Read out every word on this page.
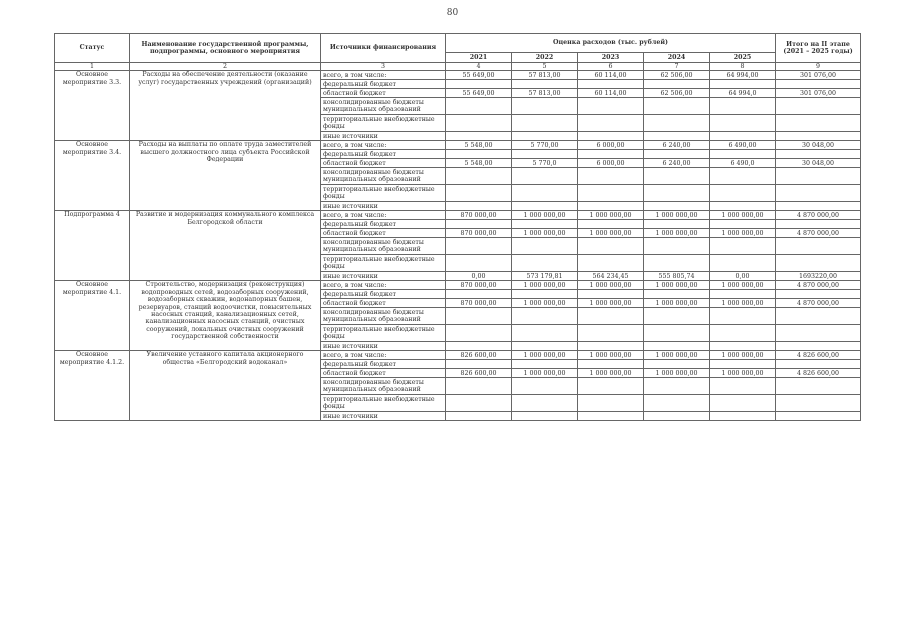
80
Статус	Наименование государственной программы, подпрограммы, основного мероприятия	Источники финансирования	Оценка расходов (тыс. рублей)					Итого на II этапе (2021 – 2025 годы)
			2021	2022	2023	2024	2025	
1	2	3	4	5	6	7	8	9
Основное мероприятие 3.3.	Расходы на обеспечение деятельности (оказание услуг) государственных учреждений (организаций)	всего, в том числе:	55 649,00	57 813,00	60 114,00	62 506,00	64 994,00	301 076,00
		федеральный бюджет						
		областной бюджет	55 649,00	57 813,00	60 114,00	62 506,00	64 994,0	301 076,00
		консолидированные бюджеты муниципальных образований						
		территориальные внебюджетные фонды						
		иные источники						
Основное мероприятие 3.4.	Расходы на выплаты по оплате труда заместителей высшего должностного лица субъекта Российской Федерации	всего, в том числе:	5 548,00	5 770,00	6 000,00	6 240,00	6 490,00	30 048,00
		федеральный бюджет						
		областной бюджет	5 548,00	5 770,0	6 000,00	6 240,00	6 490,0	30 048,00
		консолидированные бюджеты муниципальных образований						
		территориальные внебюджетные фонды						
		иные источники						
Подпрограмма 4	Развитие и модернизация коммунального комплекса Белгородской области	всего, в том числе:	870 000,00	1 000 000,00	1 000 000,00	1 000 000,00	1 000 000,00	4 870 000,00
		федеральный бюджет						
		областной бюджет	870 000,00	1 000 000,00	1 000 000,00	1 000 000,00	1 000 000,00	4 870 000,00
		консолидированные бюджеты муниципальных образований						
		территориальные внебюджетные фонды						
		иные источники	0,00	573 179,81	564 234,45	555 805,74	0,00	1693220,00
Основное мероприятие 4.1.	Строительство, модернизация (реконструкция) водопроводных сетей, водозаборных сооружений, водозаборных скважин, водонапорных башен, резервуаров, станций водоочистки, повысительных насосных станций, канализационных сетей, канализационных насосных станций, очистных сооружений, локальных очистных сооружений государственной собственности	всего, в том числе:	870 000,00	1 000 000,00	1 000 000,00	1 000 000,00	1 000 000,00	4 870 000,00
		федеральный бюджет						
		областной бюджет	870 000,00	1 000 000,00	1 000 000,00	1 000 000,00	1 000 000,00	4 870 000,00
		консолидированные бюджеты муниципальных образований						
		территориальные внебюджетные фонды						
		иные источники						
Основное мероприятие 4.1.2.	Увеличение уставного капитала акционерного общества «Белгородский водоканал»	всего, в том числе:	826 600,00	1 000 000,00	1 000 000,00	1 000 000,00	1 000 000,00	4 826 600,00
		федеральный бюджет						
		областной бюджет	826 600,00	1 000 000,00	1 000 000,00	1 000 000,00	1 000 000,00	4 826 600,00
		консолидированные бюджеты муниципальных образований						
		территориальные внебюджетные фонды						
		иные источники						
